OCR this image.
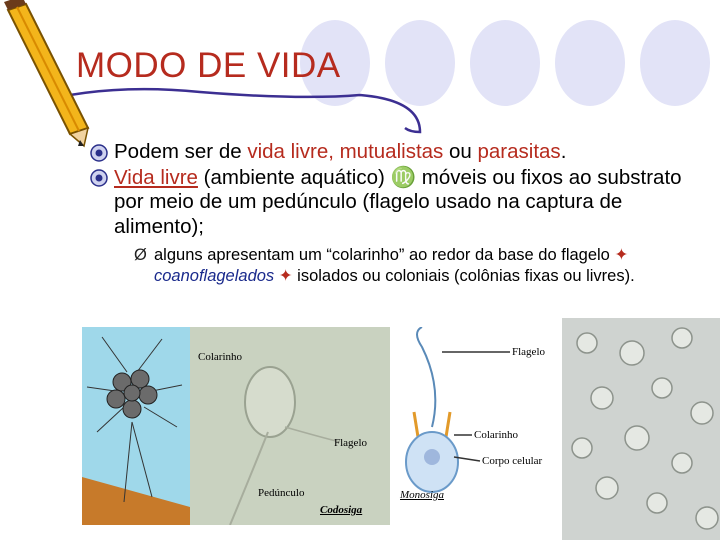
MODO DE VIDA
Podem ser de vida livre, mutualistas ou parasitas.
Vida livre (ambiente aquático) ♍ móveis ou fixos ao substrato por meio de um pedúnculo (flagelo usado na captura de alimento);
Ø alguns apresentam um “colarinho” ao redor da base do flagelo ✦ coanoflagelados ✦ isolados ou coloniais (colônias fixas ou livres).
Colarinho
Flagelo
Pedúnculo
Codosiga
Flagelo
Colarinho
Corpo celular
Monosiga
